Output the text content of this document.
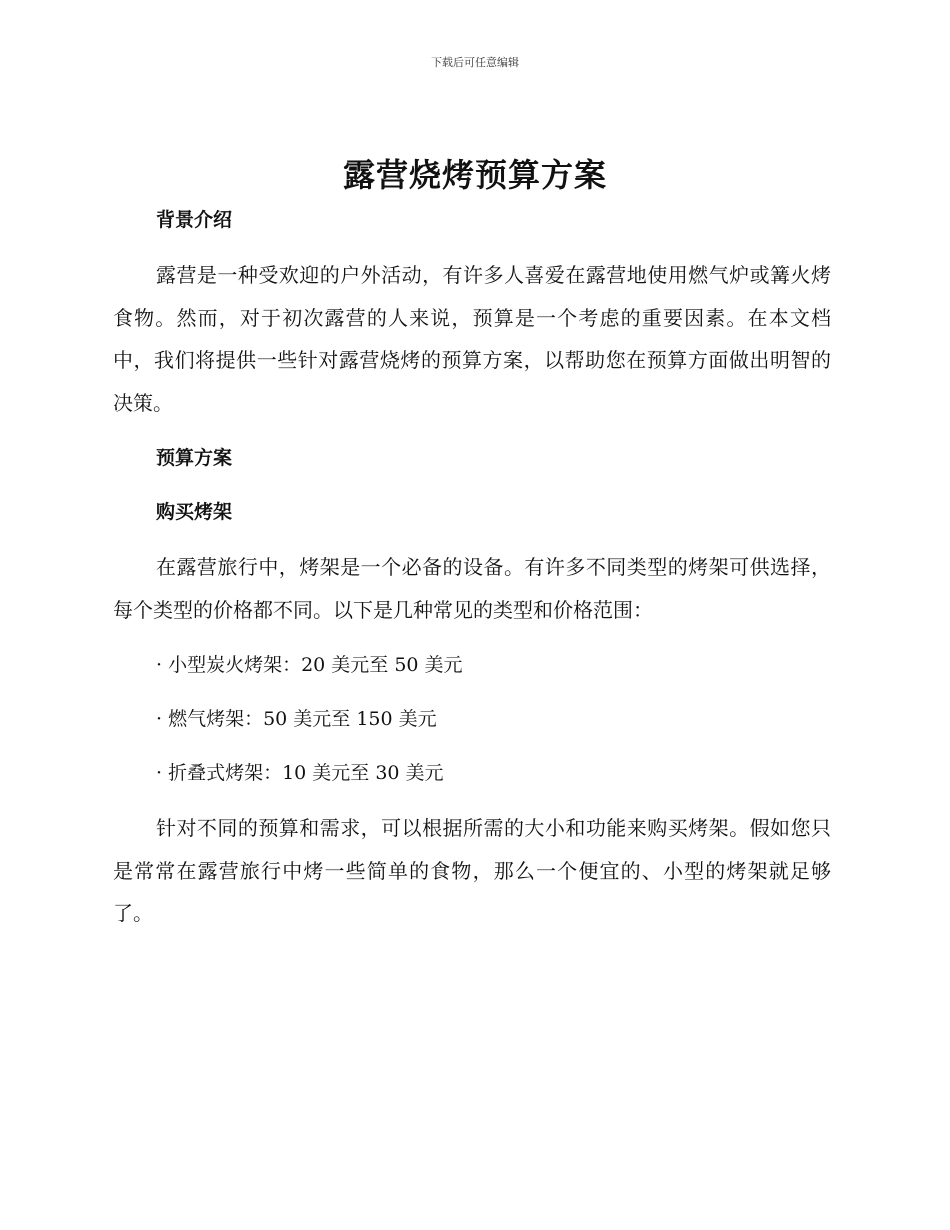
下载后可任意编辑
露营烧烤预算方案
背景介绍

露营是一种受欢迎的户外活动，有许多人喜爱在露营地使用燃气炉或篝火烤食物。然而，对于初次露营的人来说，预算是一个考虑的重要因素。在本文档中，我们将提供一些针对露营烧烤的预算方案，以帮助您在预算方面做出明智的决策。

预算方案
购买烤架

在露营旅行中，烤架是一个必备的设备。有许多不同类型的烤架可供选择，每个类型的价格都不同。以下是几种常见的类型和价格范围：

· 小型炭火烤架：20 美元至 50 美元
· 燃气烤架：50 美元至 150 美元
· 折叠式烤架：10 美元至 30 美元

针对不同的预算和需求，可以根据所需的大小和功能来购买烤架。假如您只是常常在露营旅行中烤一些简单的食物，那么一个便宜的、小型的烤架就足够了。
